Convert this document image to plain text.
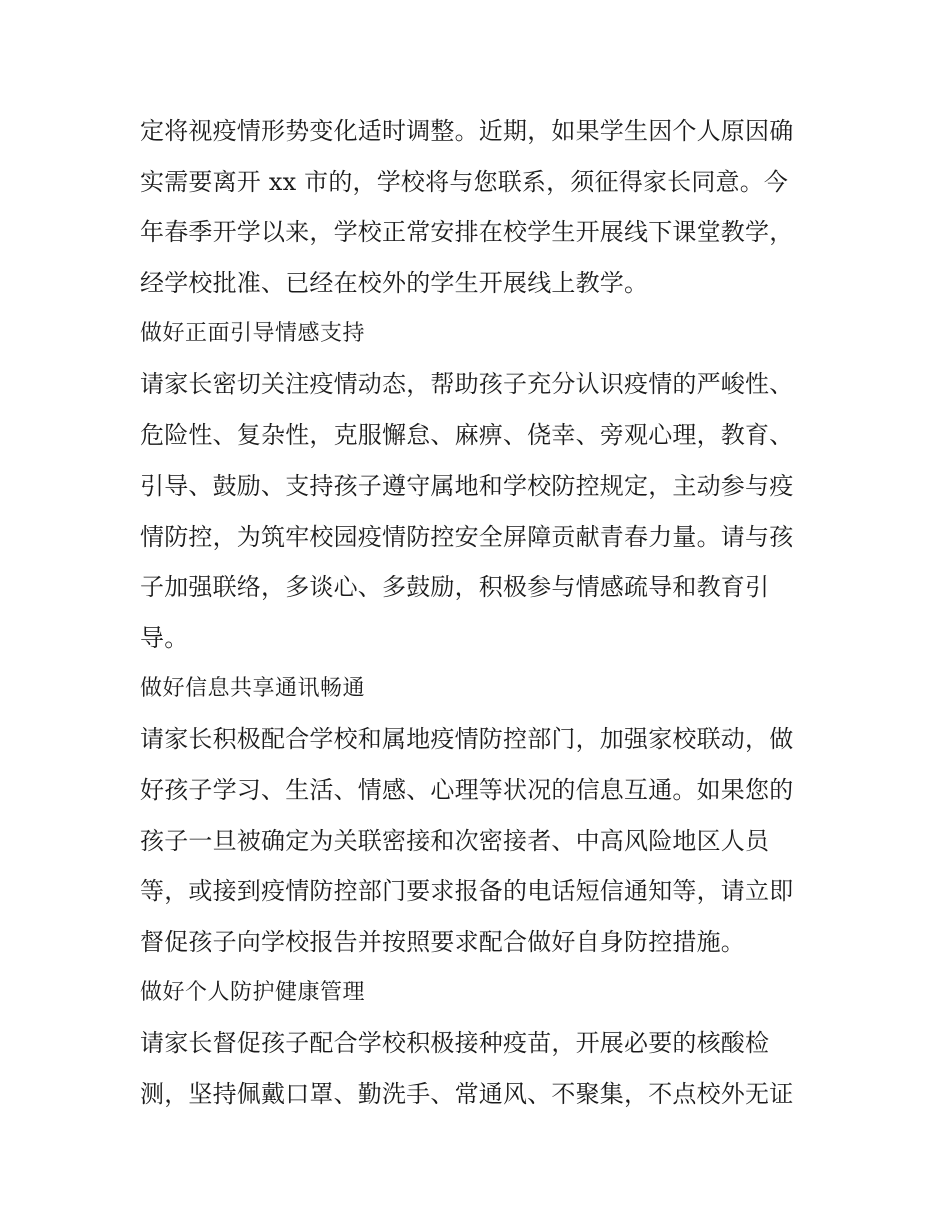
定将视疫情形势变化适时调整。近期，如果学生因个人原因确
实需要离开 xx 市的，学校将与您联系，须征得家长同意。今
年春季开学以来，学校正常安排在校学生开展线下课堂教学，
经学校批准、已经在校外的学生开展线上教学。
做好正面引导情感支持
请家长密切关注疫情动态，帮助孩子充分认识疫情的严峻性、
危险性、复杂性，克服懈怠、麻痹、侥幸、旁观心理，教育、
引导、鼓励、支持孩子遵守属地和学校防控规定，主动参与疫
情防控，为筑牢校园疫情防控安全屏障贡献青春力量。请与孩
子加强联络，多谈心、多鼓励，积极参与情感疏导和教育引
导。
做好信息共享通讯畅通
请家长积极配合学校和属地疫情防控部门，加强家校联动，做
好孩子学习、生活、情感、心理等状况的信息互通。如果您的
孩子一旦被确定为关联密接和次密接者、中高风险地区人员
等，或接到疫情防控部门要求报备的电话短信通知等，请立即
督促孩子向学校报告并按照要求配合做好自身防控措施。
做好个人防护健康管理
请家长督促孩子配合学校积极接种疫苗，开展必要的核酸检
测，坚持佩戴口罩、勤洗手、常通风、不聚集，不点校外无证
